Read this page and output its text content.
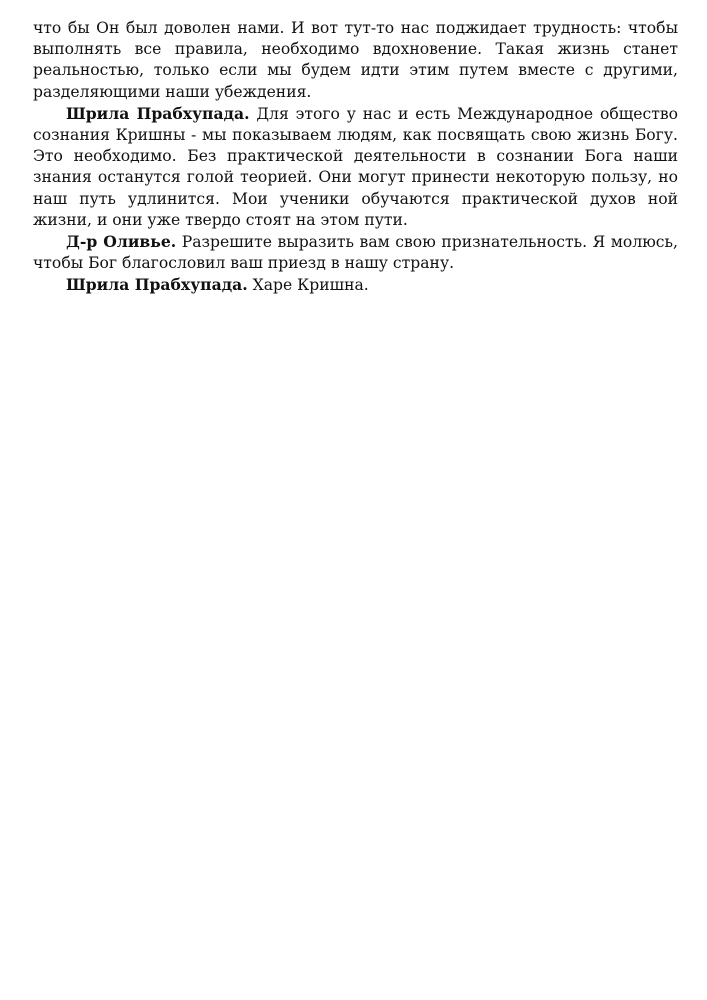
что бы Он был доволен нами. И вот тут-то нас поджидает трудность: чтобы выполнять все правила, необходимо вдохновение. Такая жизнь станет реальностью, только если мы будем идти этим путем вместе с другими, разделяющими наши убеждения.

Шрила Прабхупада. Для этого у нас и есть Международное общество сознания Кришны - мы показываем людям, как посвящать свою жизнь Богу. Это необходимо. Без практической деятельности в сознании Бога наши знания останутся голой теорией. Они могут принести некоторую пользу, но наш путь удлинится. Мои ученики обучаются практической духов ной жизни, и они уже твердо стоят на этом пути.

Д-р Оливье. Разрешите выразить вам свою признательность. Я молюсь, чтобы Бог благословил ваш приезд в нашу страну.

Шрила Прабхупада. Харе Кришна.
